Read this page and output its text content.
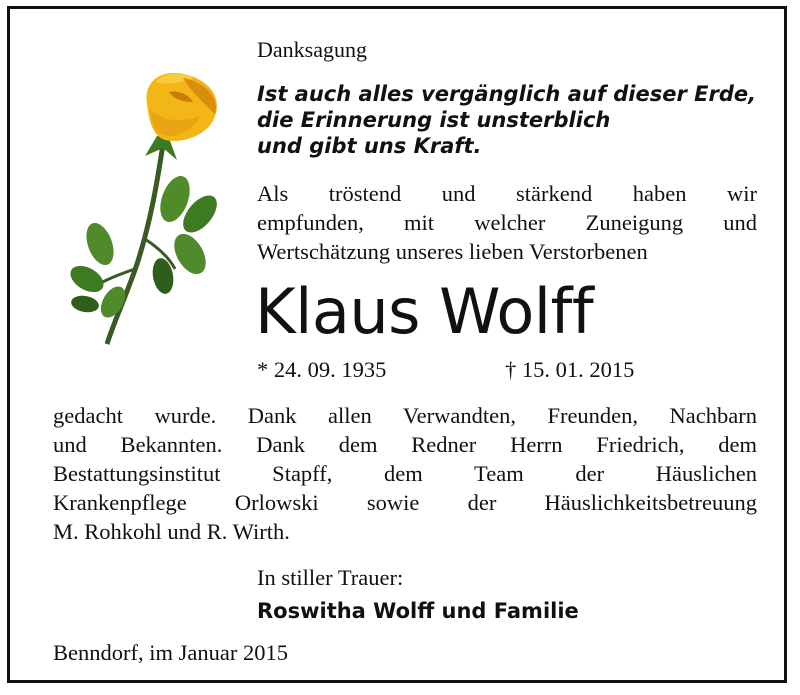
Danksagung
Ist auch alles vergänglich auf dieser Erde,
die Erinnerung ist unsterblich
und gibt uns Kraft.
Als tröstend und stärkend haben wir
empfunden, mit welcher Zuneigung und
Wertschätzung unseres lieben Verstorbenen
Klaus Wolff
* 24. 09. 1935	† 15. 01. 2015
gedacht wurde. Dank allen Verwandten, Freunden, Nachbarn
und Bekannten. Dank dem Redner Herrn Friedrich, dem
Bestattungsinstitut Stapff, dem Team der Häuslichen
Krankenpflege Orlowski sowie der Häuslichkeitsbetreuung
M. Rohkohl und R. Wirth.
In stiller Trauer:
Roswitha Wolff und Familie
Benndorf, im Januar 2015
